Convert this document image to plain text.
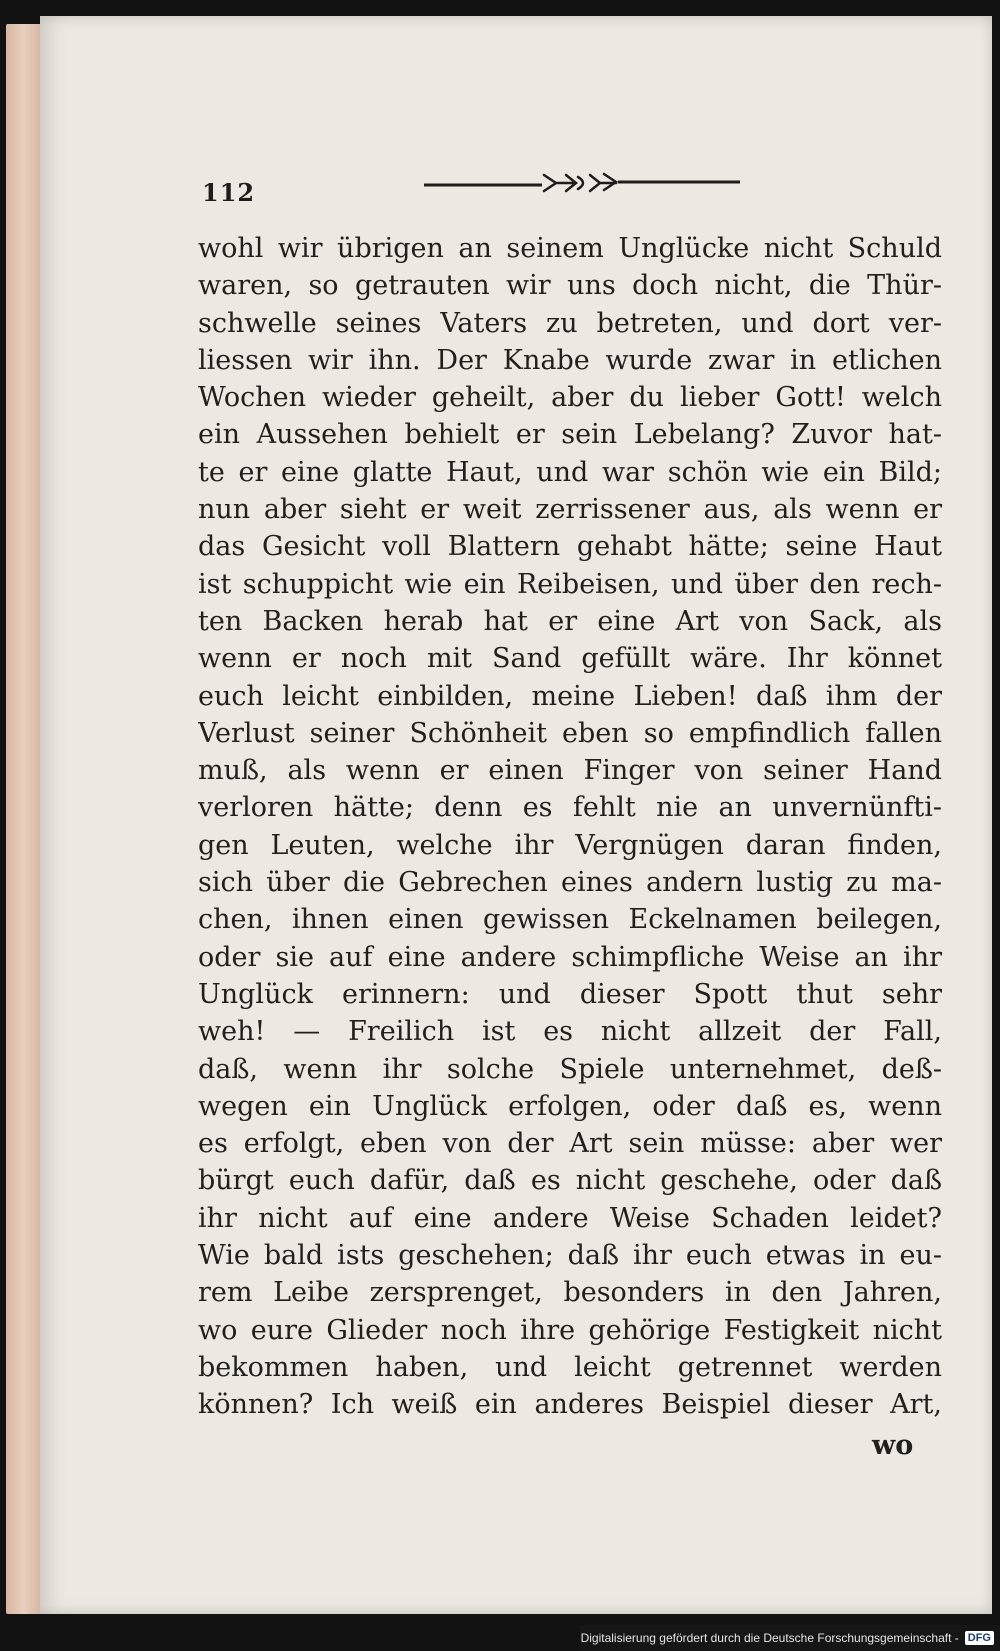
112
wohl wir übrigen an seinem Unglücke nicht Schuld
waren, so getrauten wir uns doch nicht, die Thür-
schwelle seines Vaters zu betreten, und dort ver-
liessen wir ihn. Der Knabe wurde zwar in etlichen
Wochen wieder geheilt, aber du lieber Gott! welch
ein Aussehen behielt er sein Lebelang? Zuvor hat-
te er eine glatte Haut, und war schön wie ein Bild;
nun aber sieht er weit zerrissener aus, als wenn er
das Gesicht voll Blattern gehabt hätte; seine Haut
ist schuppicht wie ein Reibeisen, und über den rech-
ten Backen herab hat er eine Art von Sack, als
wenn er noch mit Sand gefüllt wäre. Ihr könnet
euch leicht einbilden, meine Lieben! daß ihm der
Verlust seiner Schönheit eben so empfindlich fallen
muß, als wenn er einen Finger von seiner Hand
verloren hätte; denn es fehlt nie an unvernünfti-
gen Leuten, welche ihr Vergnügen daran finden,
sich über die Gebrechen eines andern lustig zu ma-
chen, ihnen einen gewissen Eckelnamen beilegen,
oder sie auf eine andere schimpfliche Weise an ihr
Unglück erinnern: und dieser Spott thut sehr
weh! — Freilich ist es nicht allzeit der Fall,
daß, wenn ihr solche Spiele unternehmet, deß-
wegen ein Unglück erfolgen, oder daß es, wenn
es erfolgt, eben von der Art sein müsse: aber wer
bürgt euch dafür, daß es nicht geschehe, oder daß
ihr nicht auf eine andere Weise Schaden leidet?
Wie bald ists geschehen; daß ihr euch etwas in eu-
rem Leibe zersprenget, besonders in den Jahren,
wo eure Glieder noch ihre gehörige Festigkeit nicht
bekommen haben, und leicht getrennet werden
können? Ich weiß ein anderes Beispiel dieser Art,
wo
Digitalisierung gefördert durch die Deutsche Forschungsgemeinschaft - DFG
